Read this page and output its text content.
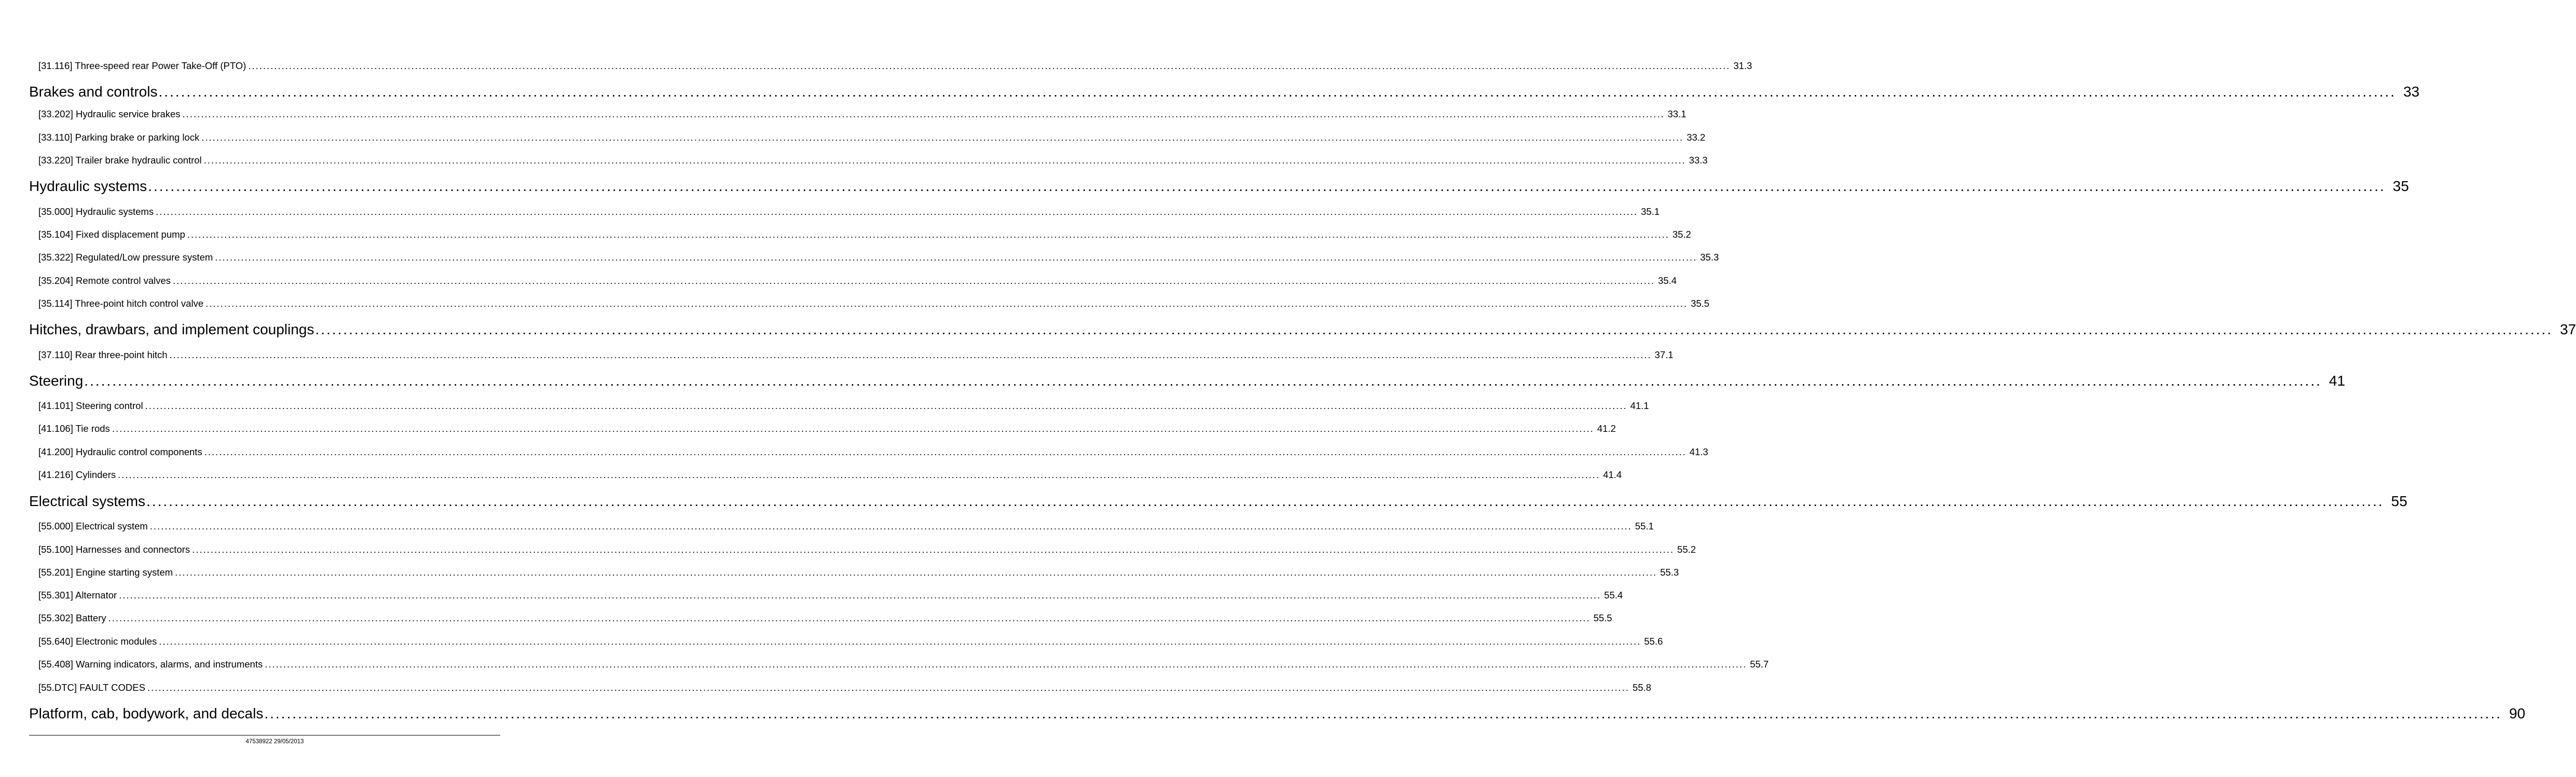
[31.116] Three-speed rear Power Take-Off (PTO) ................................................................................................................................................................................................................................................................................................................................................................................................................ 31.3
Brakes and controls ................................................................................................................................................................................................................................................................................................................................................................................................................ 33
[33.202] Hydraulic service brakes ................................................................................................................................................................................................................................................................................................................................................................................................................ 33.1
[33.110] Parking brake or parking lock ................................................................................................................................................................................................................................................................................................................................................................................................................ 33.2
[33.220] Trailer brake hydraulic control ................................................................................................................................................................................................................................................................................................................................................................................................................ 33.3
Hydraulic systems ................................................................................................................................................................................................................................................................................................................................................................................................................ 35
[35.000] Hydraulic systems ................................................................................................................................................................................................................................................................................................................................................................................................................ 35.1
[35.104] Fixed displacement pump ................................................................................................................................................................................................................................................................................................................................................................................................................ 35.2
[35.322] Regulated/Low pressure system ................................................................................................................................................................................................................................................................................................................................................................................................................ 35.3
[35.204] Remote control valves ................................................................................................................................................................................................................................................................................................................................................................................................................ 35.4
[35.114] Three-point hitch control valve ................................................................................................................................................................................................................................................................................................................................................................................................................ 35.5
Hitches, drawbars, and implement couplings ................................................................................................................................................................................................................................................................................................................................................................................................................ 37
[37.110] Rear three-point hitch ................................................................................................................................................................................................................................................................................................................................................................................................................ 37.1
Steering ................................................................................................................................................................................................................................................................................................................................................................................................................ 41
[41.101] Steering control ................................................................................................................................................................................................................................................................................................................................................................................................................ 41.1
[41.106] Tie rods ................................................................................................................................................................................................................................................................................................................................................................................................................ 41.2
[41.200] Hydraulic control components ................................................................................................................................................................................................................................................................................................................................................................................................................ 41.3
[41.216] Cylinders ................................................................................................................................................................................................................................................................................................................................................................................................................ 41.4
Electrical systems ................................................................................................................................................................................................................................................................................................................................................................................................................ 55
[55.000] Electrical system ................................................................................................................................................................................................................................................................................................................................................................................................................ 55.1
[55.100] Harnesses and connectors ................................................................................................................................................................................................................................................................................................................................................................................................................ 55.2
[55.201] Engine starting system ................................................................................................................................................................................................................................................................................................................................................................................................................ 55.3
[55.301] Alternator ................................................................................................................................................................................................................................................................................................................................................................................................................ 55.4
[55.302] Battery ................................................................................................................................................................................................................................................................................................................................................................................................................ 55.5
[55.640] Electronic modules ................................................................................................................................................................................................................................................................................................................................................................................................................ 55.6
[55.408] Warning indicators, alarms, and instruments ................................................................................................................................................................................................................................................................................................................................................................................................................ 55.7
[55.DTC] FAULT CODES ................................................................................................................................................................................................................................................................................................................................................................................................................ 55.8
Platform, cab, bodywork, and decals ................................................................................................................................................................................................................................................................................................................................................................................................................ 90
47538922 29/05/2013
